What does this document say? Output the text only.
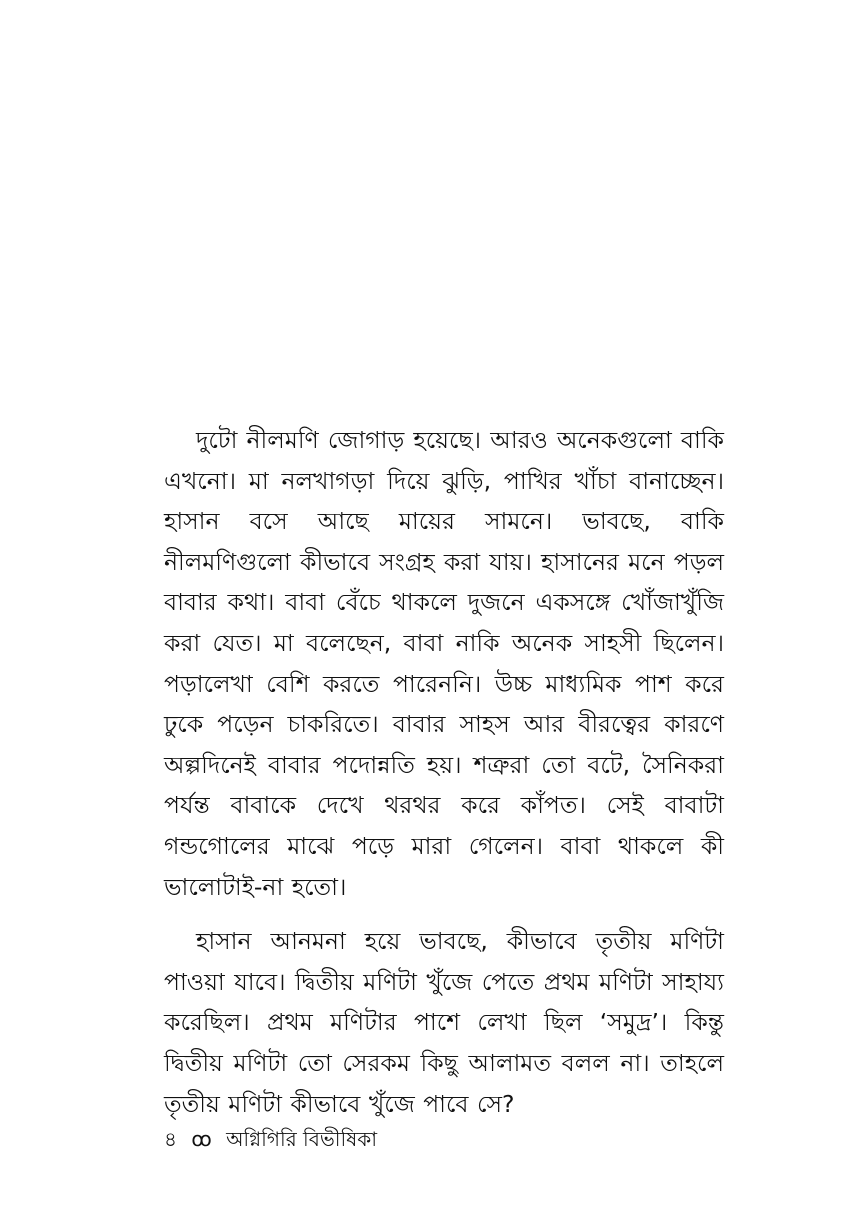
দুটো নীলমণি জোগাড় হয়েছে। আরও অনেকগুলো বাকি এখনো। মা নলখাগড়া দিয়ে ঝুড়ি, পাখির খাঁচা বানাচ্ছেন। হাসান বসে আছে মায়ের সামনে। ভাবছে, বাকি নীলমণিগুলো কীভাবে সংগ্রহ করা যায়। হাসানের মনে পড়ল বাবার কথা। বাবা বেঁচে থাকলে দুজনে একসঙ্গে খোঁজাখুঁজি করা যেত। মা বলেছেন, বাবা নাকি অনেক সাহসী ছিলেন। পড়ালেখা বেশি করতে পারেননি। উচ্চ মাধ্যমিক পাশ করে ঢুকে পড়েন চাকরিতে। বাবার সাহস আর বীরত্বের কারণে অল্পদিনেই বাবার পদোন্নতি হয়। শত্রুরা তো বটে, সৈনিকরা পর্যন্ত বাবাকে দেখে থরথর করে কাঁপত। সেই বাবাটা গন্ডগোলের মাঝে পড়ে মারা গেলেন। বাবা থাকলে কী ভালোটাই-না হতো।

হাসান আনমনা হয়ে ভাবছে, কীভাবে তৃতীয় মণিটা পাওয়া যাবে। দ্বিতীয় মণিটা খুঁজে পেতে প্রথম মণিটা সাহায্য করেছিল। প্রথম মণিটার পাশে লেখা ছিল ‘সমুদ্র’। কিন্তু দ্বিতীয় মণিটা তো সেরকম কিছু আলামত বলল না। তাহলে তৃতীয় মণিটা কীভাবে খুঁজে পাবে সে?

৪ ꝏ অগ্নিগিরি বিভীষিকা
